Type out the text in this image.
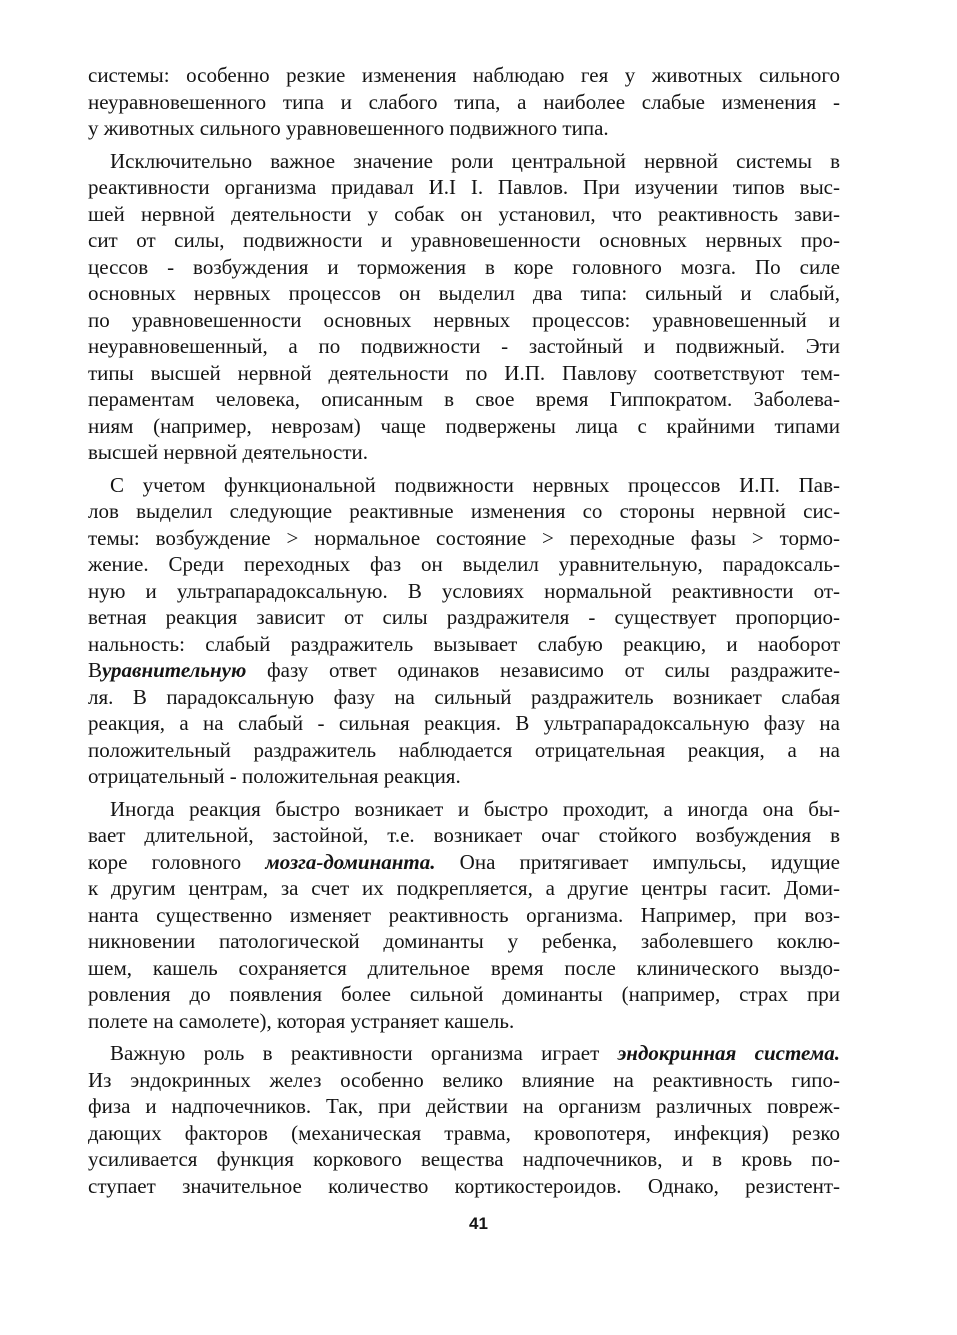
системы: особенно резкие изменения наблюдаю гея у животных сильного
неуравновешенного типа и слабого типа, а наиболее слабые изменения -
у животных сильного уравновешенного подвижного типа.
Исключительно важное значение роли центральной нервной системы в
реактивности организма придавал И.I I. Павлов. При изучении типов выс-
шей нервной деятельности у собак он установил, что реактивность зави-
сит от силы, подвижности и уравновешенности основных нервных про-
цессов - возбуждения и торможения в коре головного мозга. По силе
основных нервных процессов он выделил два типа: сильный и слабый,
по уравновешенности основных нервных процессов: уравновешенный и
неуравновешенный, а по подвижности - застойный и подвижный. Эти
типы высшей нервной деятельности по И.П. Павлову соответствуют тем-
пераментам человека, описанным в свое время Гиппократом. Заболева-
ниям (например, неврозам) чаще подвержены лица с крайними типами
высшей нервной деятельности.
С учетом функциональной подвижности нервных процессов И.П. Пав-
лов выделил следующие реактивные изменения со стороны нервной сис-
темы: возбуждение > нормальное состояние > переходные фазы > тормо-
жение. Среди переходных фаз он выделил уравнительную, парадоксаль-
ную и ультрапарадоксальную. В условиях нормальной реактивности от-
ветная реакция зависит от силы раздражителя - существует пропорцио-
нальность: слабый раздражитель вызывает слабую реакцию, и наоборот
Вуравнительную фазу ответ одинаков независимо от силы раздражите-
ля. В парадоксальную фазу на сильный раздражитель возникает слабая
реакция, а на слабый - сильная реакция. В ультрапарадоксальную фазу на
положительный раздражитель наблюдается отрицательная реакция, а на
отрицательный - положительная реакция.
Иногда реакция быстро возникает и быстро проходит, а иногда она бы-
вает длительной, застойной, т.е. возникает очаг стойкого возбуждения в
коре головного мозга-доминанта. Она притягивает импульсы, идущие
к другим центрам, за счет их подкрепляется, а другие центры гасит. Доми-
нанта существенно изменяет реактивность организма. Например, при воз-
никновении патологической доминанты у ребенка, заболевшего коклю-
шем, кашель сохраняется длительное время после клинического выздо-
ровления до появления более сильной доминанты (например, страх при
полете на самолете), которая устраняет кашель.
Важную роль в реактивности организма играет эндокринная система.
Из эндокринных желез особенно велико влияние на реактивность гипо-
физа и надпочечников. Так, при действии на организм различных повреж-
дающих факторов (механическая травма, кровопотеря, инфекция) резко
усиливается функция коркового вещества надпочечников, и в кровь по-
ступает значительное количество кортикостероидов. Однако, резистент-
41
